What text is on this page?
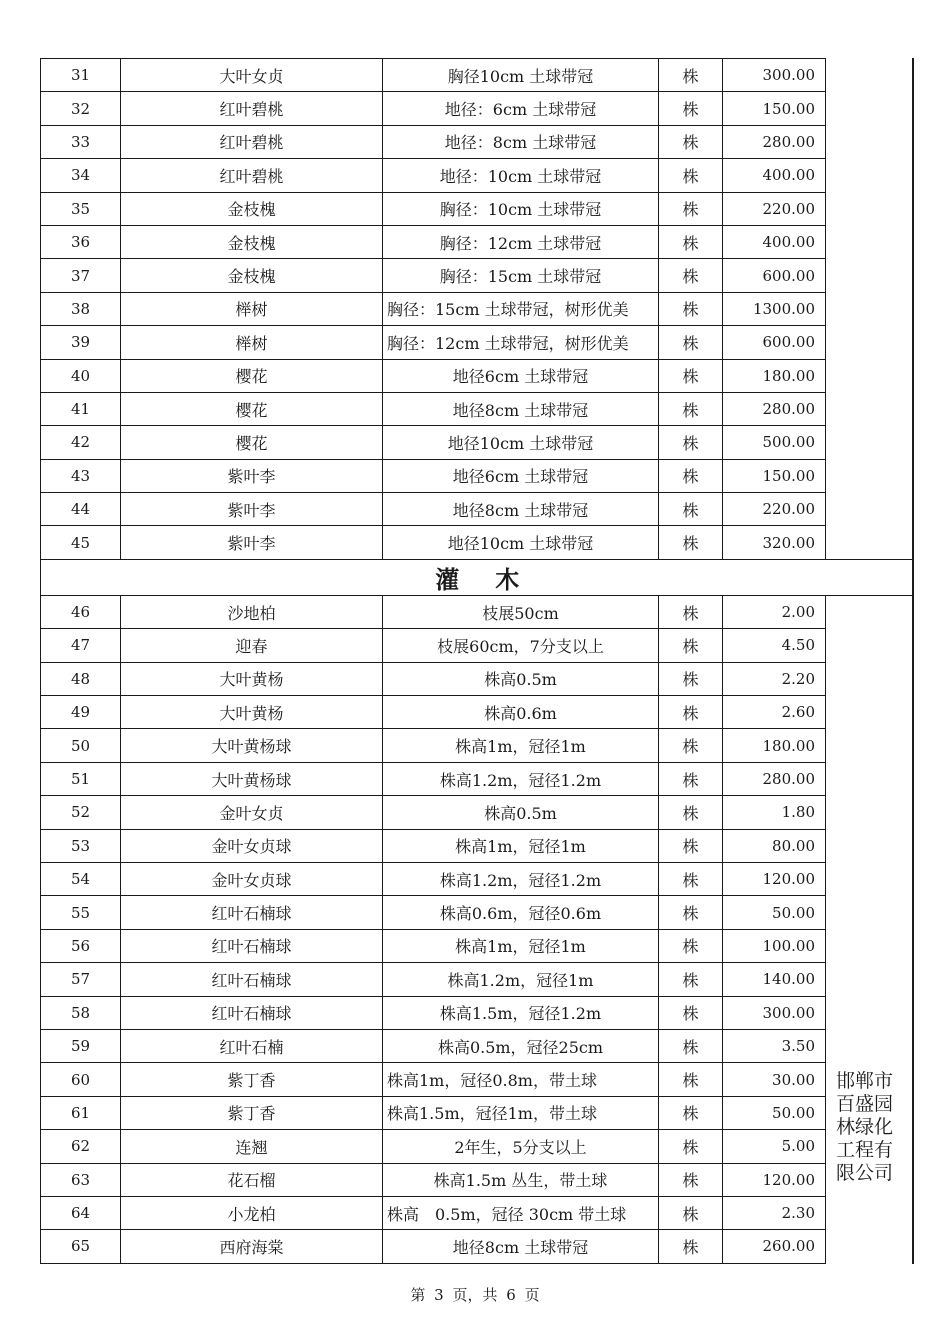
31	大叶女贞	胸径10cm 土球带冠	株	300.00	
32	红叶碧桃	地径：6cm 土球带冠	株	150.00	
33	红叶碧桃	地径：8cm 土球带冠	株	280.00	
34	红叶碧桃	地径：10cm 土球带冠	株	400.00	
35	金枝槐	胸径：10cm 土球带冠	株	220.00	
36	金枝槐	胸径：12cm 土球带冠	株	400.00	
37	金枝槐	胸径：15cm 土球带冠	株	600.00	
38	榉树	胸径：15cm 土球带冠，树形优美	株	1300.00	
39	榉树	胸径：12cm 土球带冠，树形优美	株	600.00	
40	樱花	地径6cm 土球带冠	株	180.00	
41	樱花	地径8cm 土球带冠	株	280.00	
42	樱花	地径10cm 土球带冠	株	500.00	
43	紫叶李	地径6cm 土球带冠	株	150.00	
44	紫叶李	地径8cm 土球带冠	株	220.00	
45	紫叶李	地径10cm 土球带冠	株	320.00	
灌 木					
46	沙地柏	枝展50cm	株	2.00	邯郸市百盛园林绿化工程有限公司

47	迎春	枝展60cm，7分支以上	株	4.50	
48	大叶黄杨	株高0.5m	株	2.20	
49	大叶黄杨	株高0.6m	株	2.60	
50	大叶黄杨球	株高1m，冠径1m	株	180.00	
51	大叶黄杨球	株高1.2m，冠径1.2m	株	280.00	
52	金叶女贞	株高0.5m	株	1.80	
53	金叶女贞球	株高1m，冠径1m	株	80.00	
54	金叶女贞球	株高1.2m，冠径1.2m	株	120.00	
55	红叶石楠球	株高0.6m，冠径0.6m	株	50.00	
56	红叶石楠球	株高1m，冠径1m	株	100.00	
57	红叶石楠球	株高1.2m，冠径1m	株	140.00	
58	红叶石楠球	株高1.5m，冠径1.2m	株	300.00	
59	红叶石楠	株高0.5m，冠径25cm	株	3.50	
60	紫丁香	株高1m，冠径0.8m，带土球	株	30.00	
61	紫丁香	株高1.5m，冠径1m，带土球	株	50.00	
62	连翘	2年生，5分支以上	株	5.00	
63	花石榴	株高1.5m 丛生，带土球	株	120.00	
64	小龙柏	株高　0.5m，冠径 30cm 带土球	株	2.30	
65	西府海棠	地径8cm 土球带冠	株	260.00	
第 3 页，共 6 页
